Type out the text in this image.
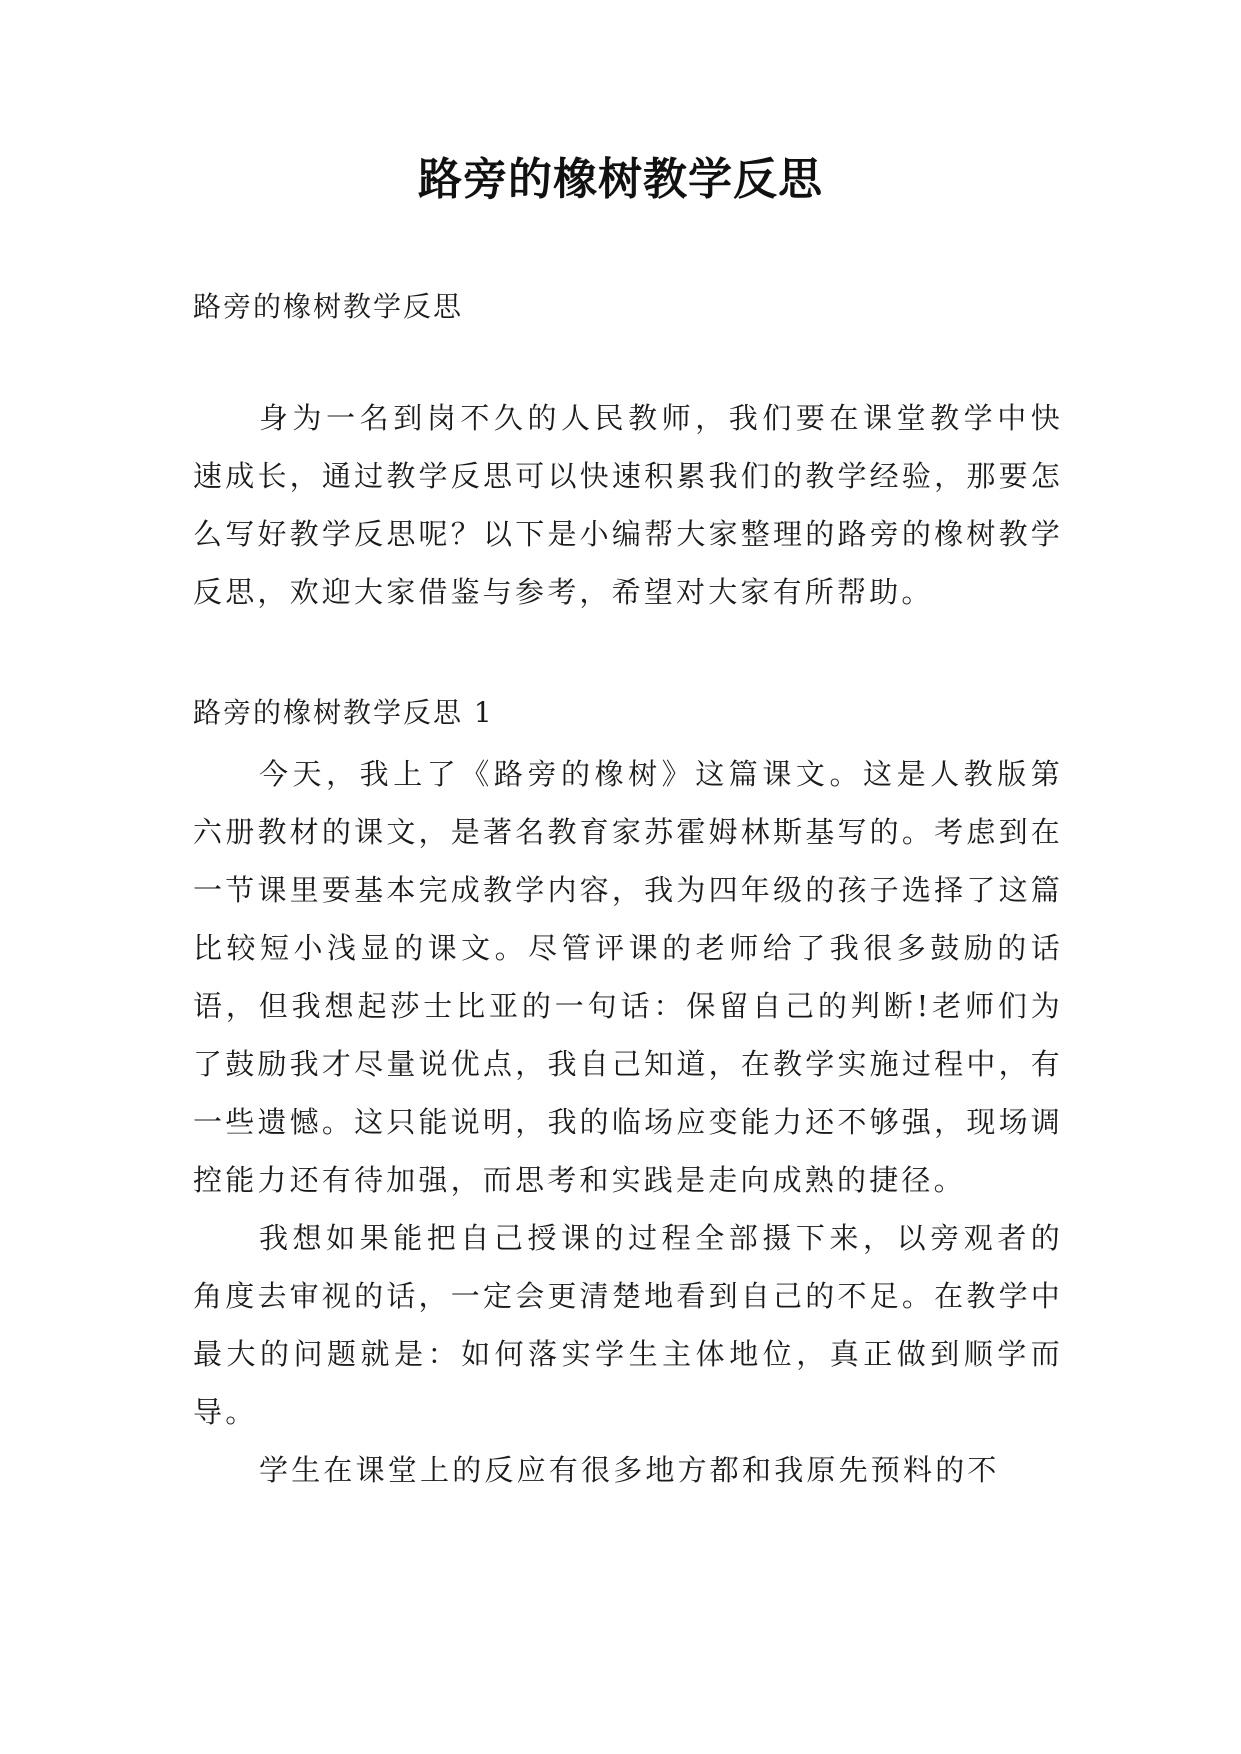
路旁的橡树教学反思
路旁的橡树教学反思

身为一名到岗不久的人民教师，我们要在课堂教学中快速成长，通过教学反思可以快速积累我们的教学经验，那要怎么写好教学反思呢？以下是小编帮大家整理的路旁的橡树教学反思，欢迎大家借鉴与参考，希望对大家有所帮助。

路旁的橡树教学反思 1

今天，我上了《路旁的橡树》这篇课文。这是人教版第六册教材的课文，是著名教育家苏霍姆林斯基写的。考虑到在一节课里要基本完成教学内容，我为四年级的孩子选择了这篇比较短小浅显的课文。尽管评课的老师给了我很多鼓励的话语，但我想起莎士比亚的一句话：保留自己的判断!老师们为了鼓励我才尽量说优点，我自己知道，在教学实施过程中，有一些遗憾。这只能说明，我的临场应变能力还不够强，现场调控能力还有待加强，而思考和实践是走向成熟的捷径。

我想如果能把自己授课的过程全部摄下来，以旁观者的角度去审视的话，一定会更清楚地看到自己的不足。在教学中最大的问题就是：如何落实学生主体地位，真正做到顺学而导。

学生在课堂上的反应有很多地方都和我原先预料的不
